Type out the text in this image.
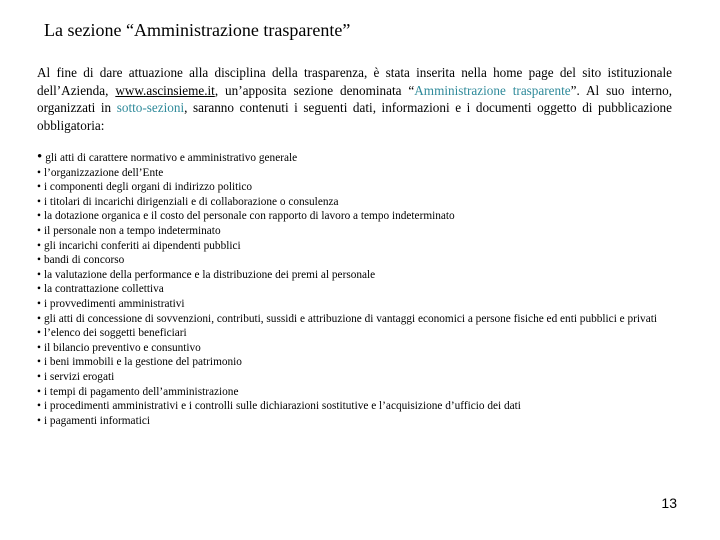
La sezione “Amministrazione trasparente”

Al fine di dare attuazione alla disciplina della trasparenza, è stata inserita nella home page del sito istituzionale dell’Azienda, www.ascinsieme.it, un’apposita sezione denominata “Amministrazione trasparente”. Al suo interno, organizzati in sotto-sezioni, saranno contenuti i seguenti dati, informazioni e i documenti oggetto di pubblicazione obbligatoria:

• gli atti di carattere normativo e amministrativo generale
• l’organizzazione dell’Ente
• i componenti degli organi di indirizzo politico
• i titolari di incarichi dirigenziali e di collaborazione o consulenza
• la dotazione organica e il costo del personale con rapporto di lavoro a tempo indeterminato
• il personale non a tempo indeterminato
• gli incarichi conferiti ai dipendenti pubblici
• bandi di concorso
• la valutazione della performance e la distribuzione dei premi al personale
• la contrattazione collettiva
• i provvedimenti amministrativi
• gli atti di concessione di sovvenzioni, contributi, sussidi e attribuzione di vantaggi economici a persone fisiche ed enti pubblici e privati
• l’elenco dei soggetti beneficiari
• il bilancio preventivo e consuntivo
• i beni immobili e la gestione del patrimonio
• i servizi erogati
• i tempi di pagamento dell’amministrazione
• i procedimenti amministrativi e i controlli sulle dichiarazioni sostitutive e l’acquisizione d’ufficio dei dati
• i pagamenti informatici
13
